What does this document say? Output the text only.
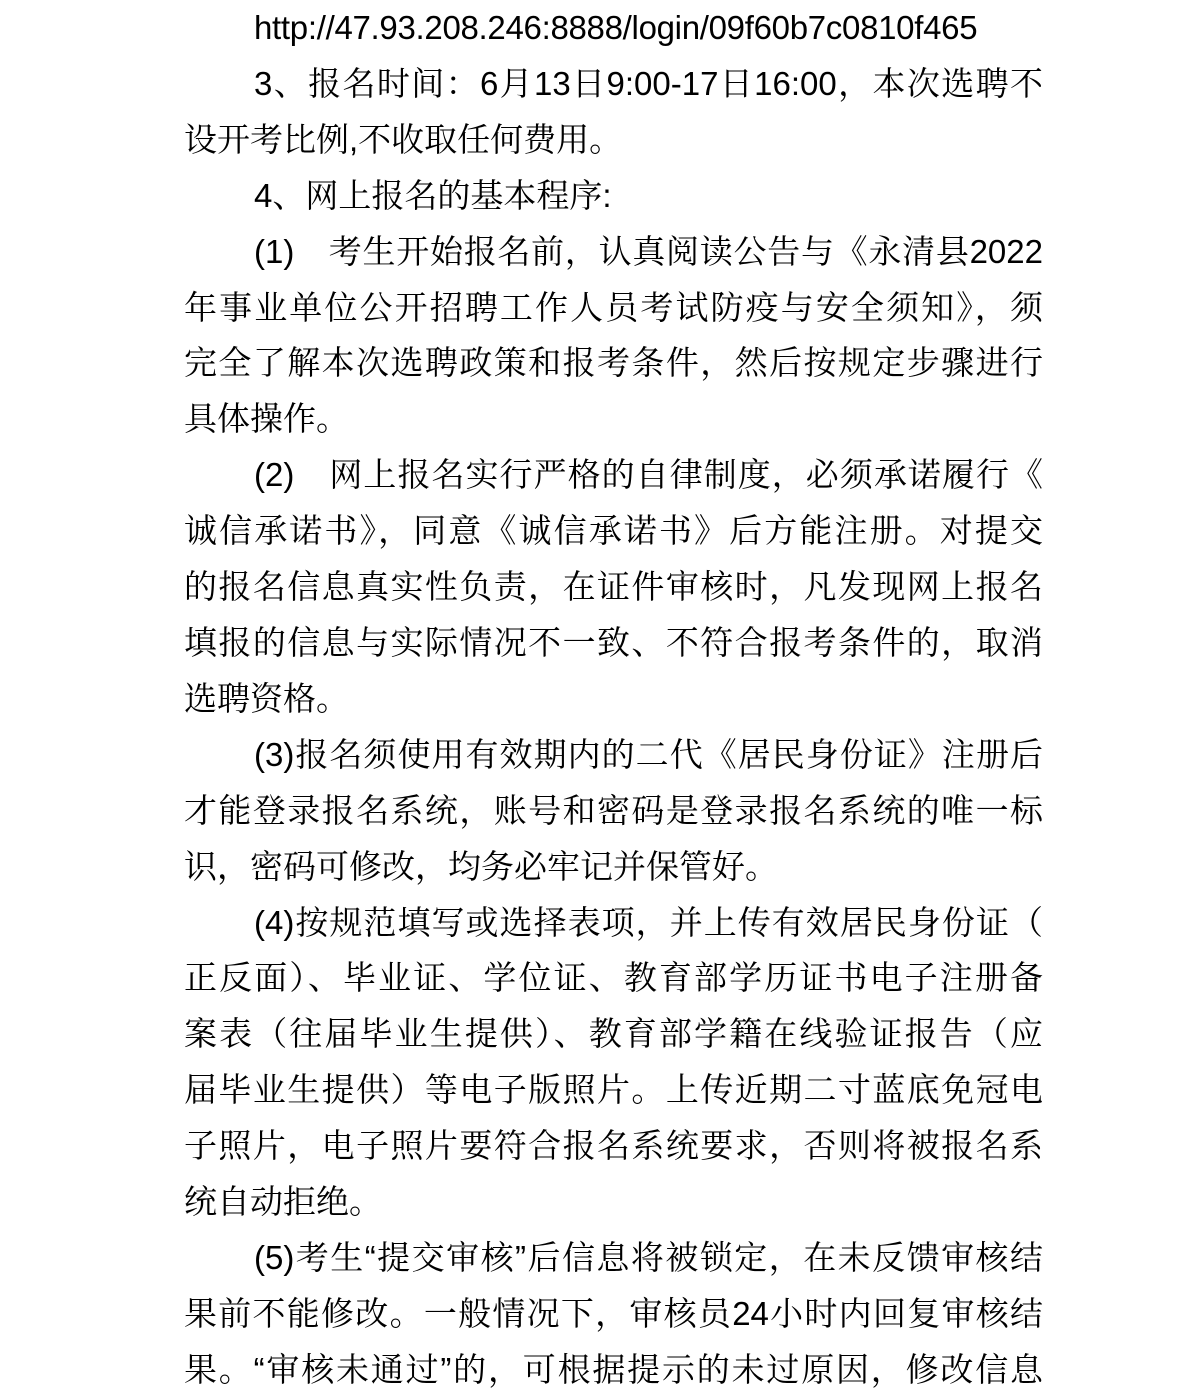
http://47.93.208.246:8888/login/09f60b7c0810f465
3、报名时间：6月13日9:00-17日16:00，本次选聘不
设开考比例,不收取任何费用。
4、网上报名的基本程序:
(1)　考生开始报名前，认真阅读公告与《永清县2022
年事业单位公开招聘工作人员考试防疫与安全须知》，须
完全了解本次选聘政策和报考条件，然后按规定步骤进行
具体操作。
(2)　网上报名实行严格的自律制度，必须承诺履行《
诚信承诺书》，同意《诚信承诺书》后方能注册。对提交
的报名信息真实性负责，在证件审核时，凡发现网上报名
填报的信息与实际情况不一致、不符合报考条件的，取消
选聘资格。
(3)报名须使用有效期内的二代《居民身份证》注册后
才能登录报名系统，账号和密码是登录报名系统的唯一标
识，密码可修改，均务必牢记并保管好。
(4)按规范填写或选择表项，并上传有效居民身份证（
正反面）、毕业证、学位证、教育部学历证书电子注册备
案表（往届毕业生提供）、教育部学籍在线验证报告（应
届毕业生提供）等电子版照片。上传近期二寸蓝底免冠电
子照片，电子照片要符合报名系统要求，否则将被报名系
统自动拒绝。
(5)考生“提交审核”后信息将被锁定，在未反馈审核结
果前不能修改。一般情况下，审核员24小时内回复审核结
果。“审核未通过”的，可根据提示的未过原因，修改信息
